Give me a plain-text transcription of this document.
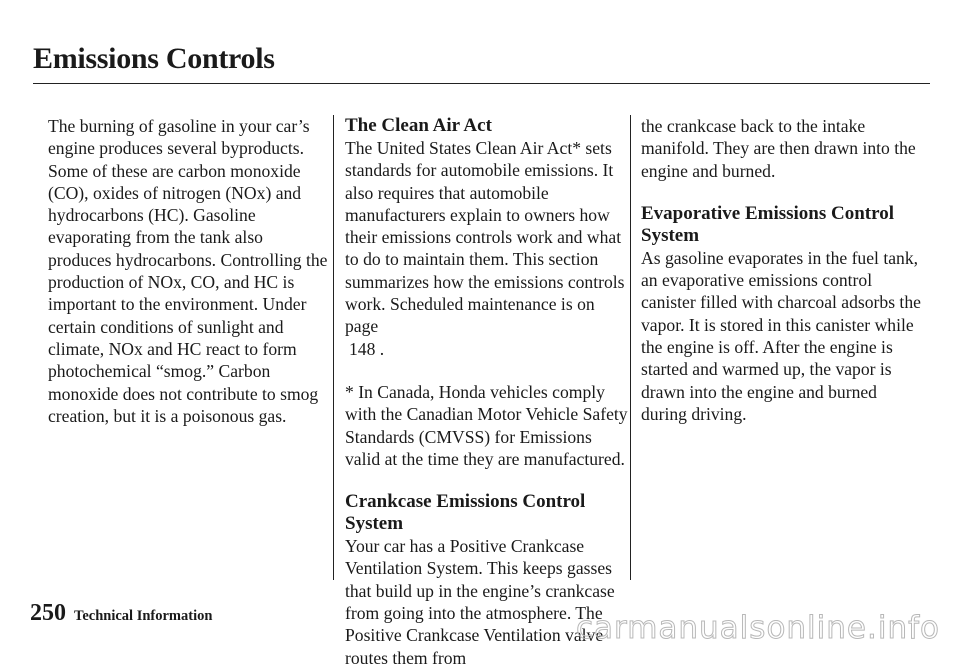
Emissions Controls

The burning of gasoline in your car’s engine produces several byproducts. Some of these are carbon monoxide (CO), oxides of nitrogen (NOx) and hydrocarbons (HC). Gasoline evaporating from the tank also produces hydrocarbons. Controlling the production of NOx, CO, and HC is important to the environment. Under certain conditions of sunlight and climate, NOx and HC react to form photochemical “smog.” Carbon monoxide does not contribute to smog creation, but it is a poisonous gas.

The Clean Air Act

The United States Clean Air Act* sets standards for automobile emissions. It also requires that automobile manufacturers explain to owners how their emissions controls work and what to do to maintain them. This section summarizes how the emissions controls work. Scheduled maintenance is on page

148 .

* In Canada, Honda vehicles comply with the Canadian Motor Vehicle Safety Standards (CMVSS) for Emissions valid at the time they are manufactured.

Crankcase Emissions Control System

Your car has a Positive Crankcase Ventilation System. This keeps gasses that build up in the engine’s crankcase from going into the atmosphere. The Positive Crankcase Ventilation valve routes them from

the crankcase back to the intake manifold. They are then drawn into the engine and burned.

Evaporative Emissions Control System

As gasoline evaporates in the fuel tank, an evaporative emissions control canister filled with charcoal adsorbs the vapor. It is stored in this canister while the engine is off. After the engine is started and warmed up, the vapor is drawn into the engine and burned during driving.

250 Technical Information	carmanualsonline.info
